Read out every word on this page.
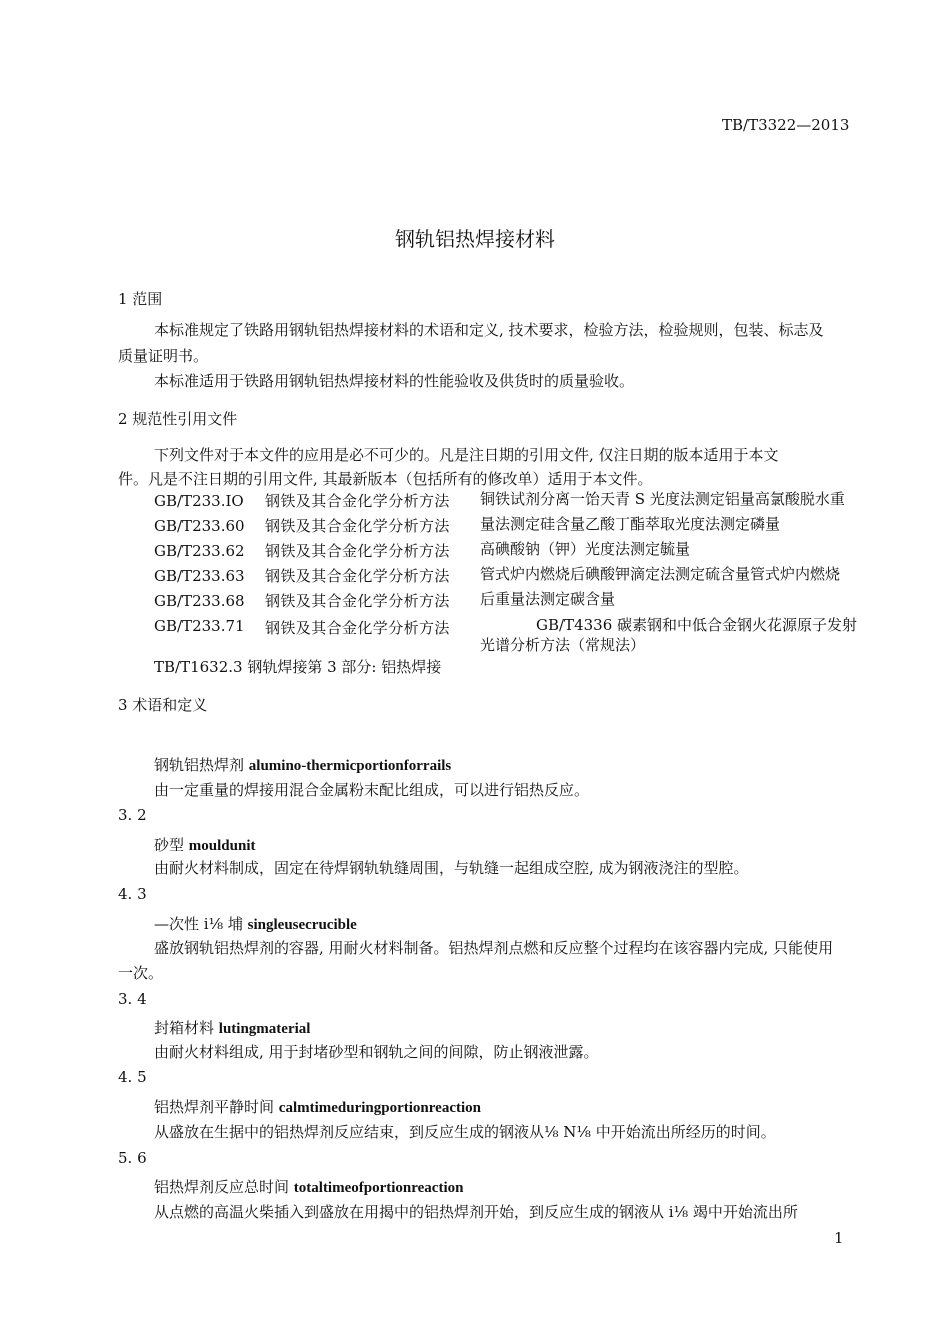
TB/T3322—2013
钢轨铝热焊接材料
1 范围
本标准规定了铁路用钢轨铝热焊接材料的术语和定义, 技术要求，检验方法，检验规则，包装、标志及
质量证明书。
本标准适用于铁路用钢轨铝热焊接材料的性能验收及供货时的质量验收。
2 规范性引用文件
下列文件对于本文件的应用是必不可少的。凡是注日期的引用文件, 仅注日期的版本适用于本文
件。凡是不注日期的引用文件, 其最新版本（包括所有的修改单）适用于本文件。
GB/T233.IO 钢铁及其合金化学分析方法 铜铁试剂分离一饴天青 S 光度法测定铝量高氯酸脱水重
GB/T233.60 钢铁及其合金化学分析方法 量法测定硅含量乙酸丁酯萃取光度法测定磷量
GB/T233.62 钢铁及其合金化学分析方法 高碘酸钠（钾）光度法测定毓量
GB/T233.63 钢铁及其合金化学分析方法 管式炉内燃烧后碘酸钾滴定法测定硫含量管式炉内燃烧
GB/T233.68 钢铁及其合金化学分析方法 后重量法测定碳含量
GB/T233.71 钢铁及其合金化学分析方法	GB/T4336 碳素钢和中低合金钢火花源原子发射
光谱分析方法（常规法）
TB/T1632.3 钢轨焊接第 3 部分: 铝热焊接
3 术语和定义
钢轨铝热焊剂 alumino-thermicportionforrails
由一定重量的焊接用混合金属粉末配比组成，可以进行铝热反应。
3. 2
砂型 mouldunit
由耐火材料制成，固定在待焊钢轨轨缝周围，与轨缝一起组成空腔, 成为钢液浇注的型腔。
4. 3
—次性 i⅛ 埔 singleusecrucible
盛放钢轨铝热焊剂的容器, 用耐火材料制备。铝热焊剂点燃和反应整个过程均在该容器内完成, 只能使用
一次。
3. 4
封箱材料 lutingmaterial
由耐火材料组成, 用于封堵砂型和钢轨之间的间隙，防止钢液泄露。
4. 5
铝热焊剂平静时间 calmtimeduringportionreaction
从盛放在生据中的铝热焊剂反应结束，到反应生成的钢液从⅛ N⅛ 中开始流出所经历的时间。
5. 6
铝热焊剂反应总时间 totaltimeofportionreaction
从点燃的高温火柴插入到盛放在用揭中的铝热焊剂开始，到反应生成的钢液从 i⅛ 竭中开始流出所
1
